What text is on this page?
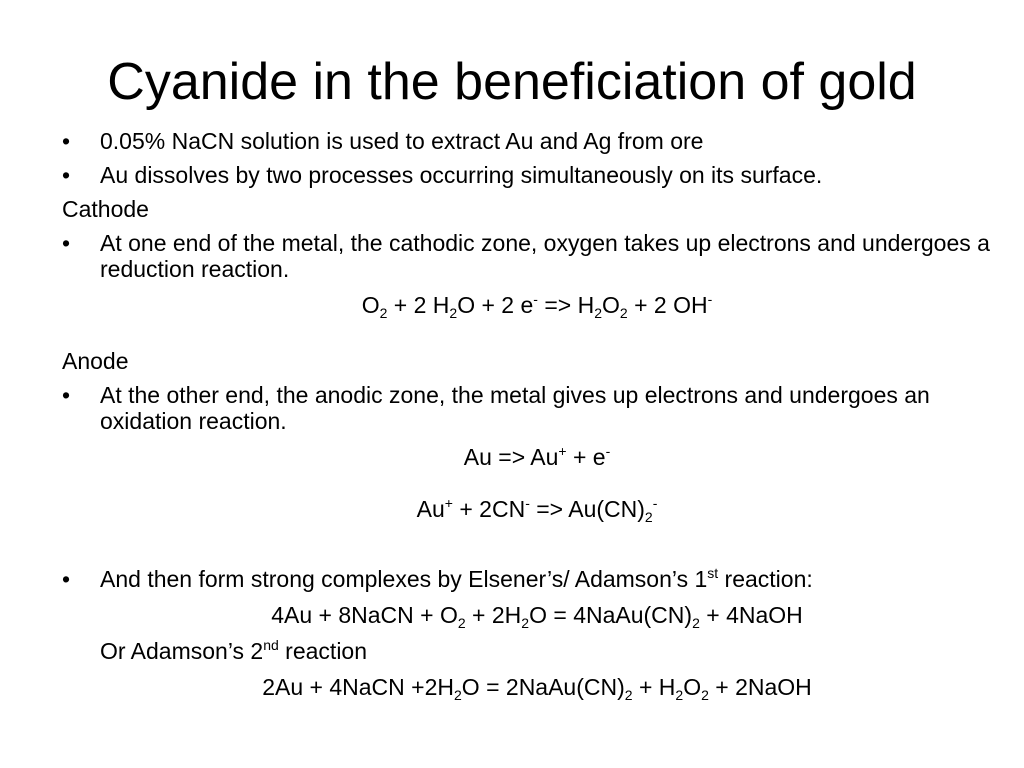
Cyanide in the beneficiation of gold
• 0.05% NaCN solution is used to extract Au and Ag from ore
• Au dissolves by two processes occurring simultaneously on its surface.
Cathode
• At one end of the metal, the cathodic zone, oxygen takes up electrons and undergoes a reduction reaction.
$O_2 + 2$ $H_2O + 2$ $e^- => H_2O_2 + 2$ OH-
Anode
• At the other end, the anodic zone, the metal gives up electrons and undergoes an oxidation reaction.
Au => Au+ + e-
$Au^+ + 2CN^- => Au(CN)_2^-$
• And then form strong complexes by Elsener’s/ Adamson’s 1st reaction:
4Au + 8NaCN + $O_2 + 2H_2O$ = $4NaAu(CN)_2$ + 4NaOH
Or Adamson’s 2nd reaction
2Au + 4NaCN $+2H_2O$ = $2NaAu(CN)_2 + H_2O_2$ + 2NaOH
